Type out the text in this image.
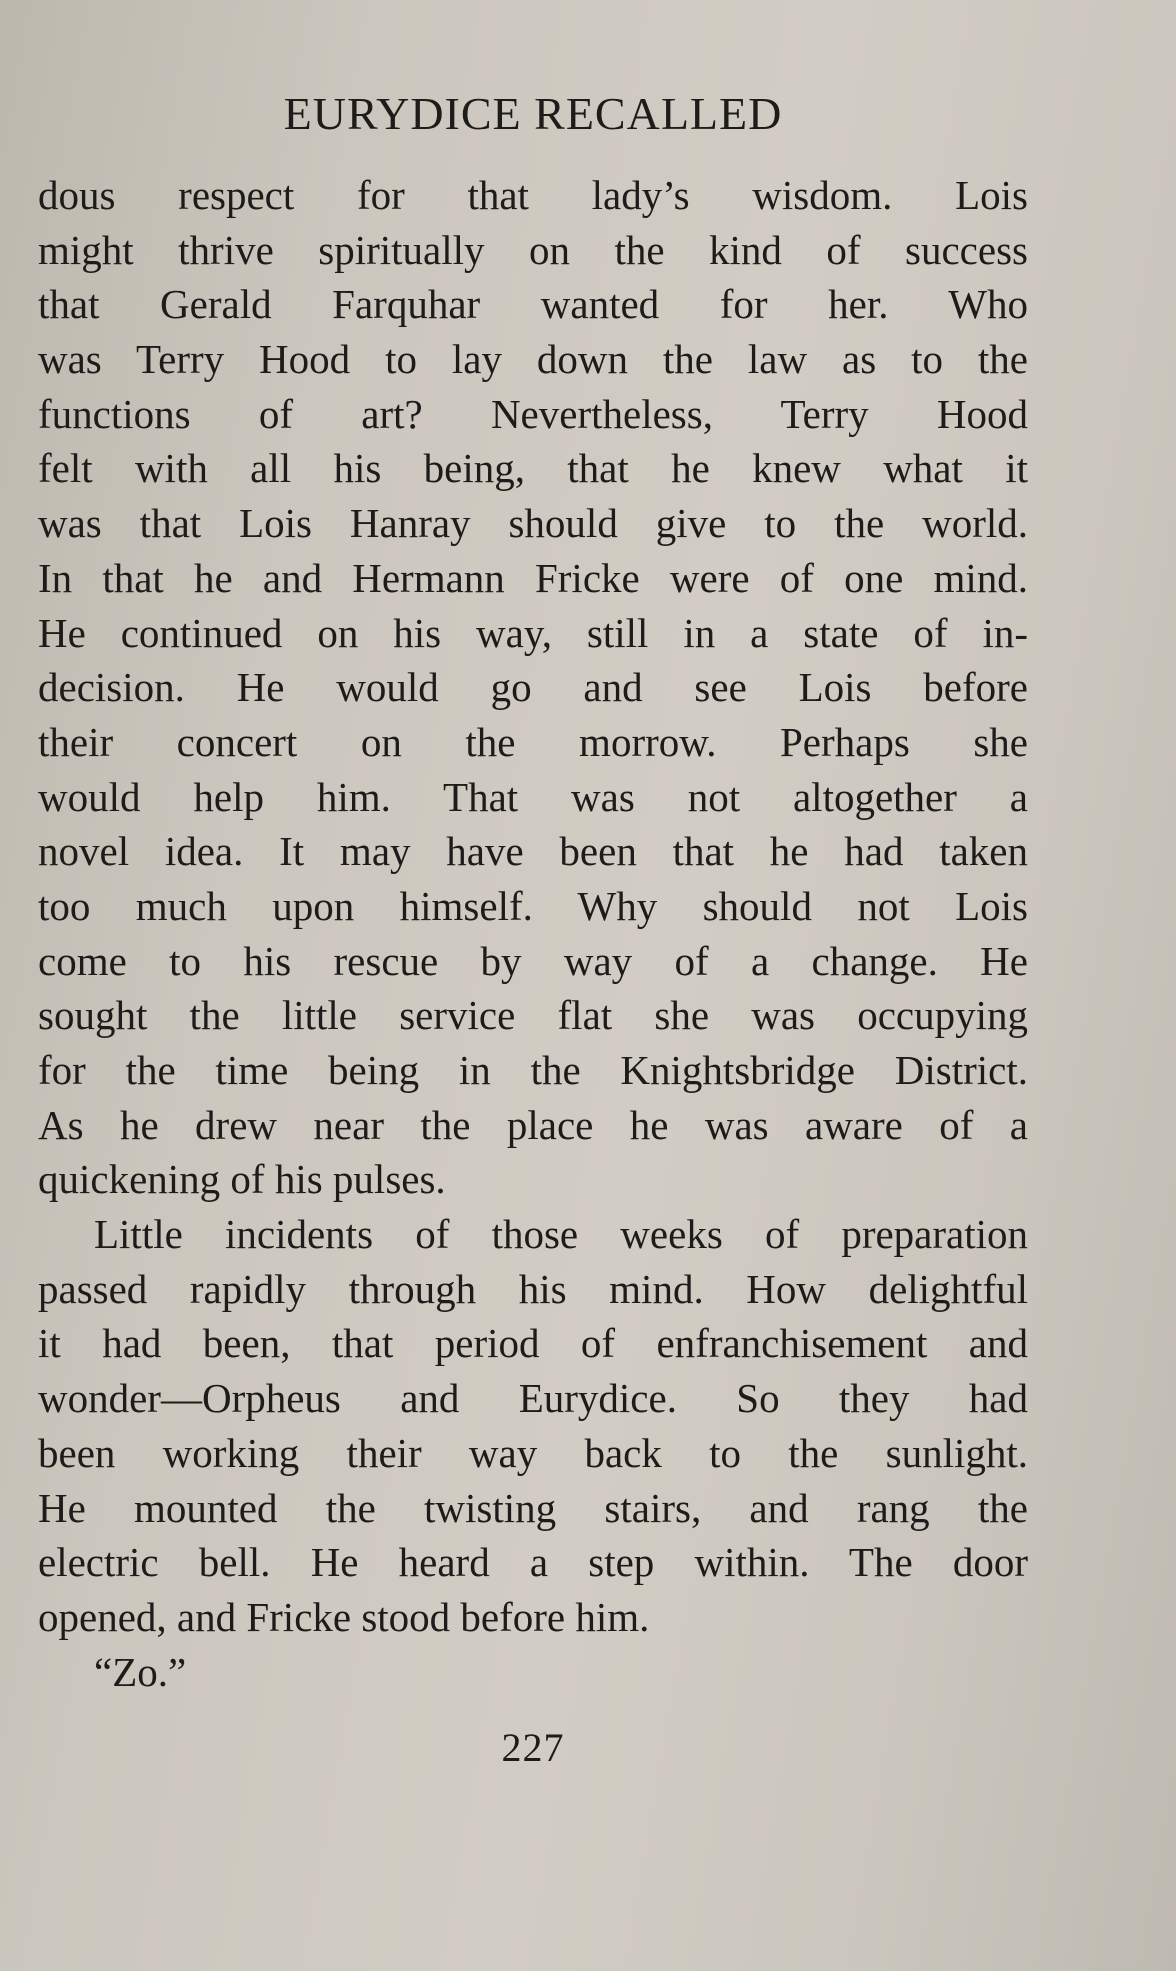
EURYDICE RECALLED
dous respect for that lady’s wisdom. Lois
might thrive spiritually on the kind of success
that Gerald Farquhar wanted for her. Who
was Terry Hood to lay down the law as to the
functions of art? Nevertheless, Terry Hood
felt with all his being, that he knew what it
was that Lois Hanray should give to the world.
In that he and Hermann Fricke were of one mind.
He continued on his way, still in a state of in-
decision. He would go and see Lois before
their concert on the morrow. Perhaps she
would help him. That was not altogether a
novel idea. It may have been that he had taken
too much upon himself. Why should not Lois
come to his rescue by way of a change. He
sought the little service flat she was occupying
for the time being in the Knightsbridge District.
As he drew near the place he was aware of a
quickening of his pulses.
Little incidents of those weeks of preparation
passed rapidly through his mind. How delightful
it had been, that period of enfranchisement and
wonder—Orpheus and Eurydice. So they had
been working their way back to the sunlight.
He mounted the twisting stairs, and rang the
electric bell. He heard a step within. The door
opened, and Fricke stood before him.
“Zo.”
227
